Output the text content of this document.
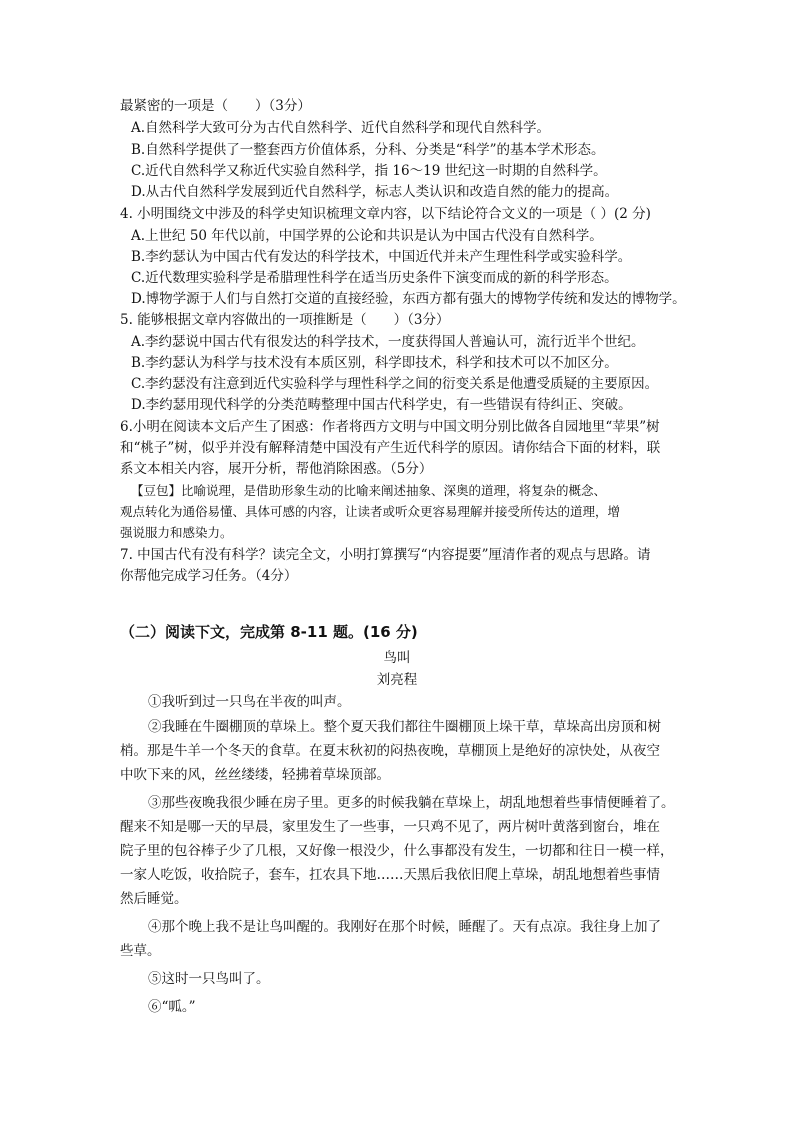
最紧密的一项是（　　）（3分）
A.自然科学大致可分为古代自然科学、近代自然科学和现代自然科学。
B.自然科学提供了一整套西方价值体系，分科、分类是“科学”的基本学术形态。
C.近代自然科学又称近代实验自然科学，指 16～19 世纪这一时期的自然科学。
D.从古代自然科学发展到近代自然科学，标志人类认识和改造自然的能力的提高。
4. 小明围绕文中涉及的科学史知识梳理文章内容，以下结论符合文义的一项是（ ）(2 分)
A.上世纪 50 年代以前，中国学界的公论和共识是认为中国古代没有自然科学。
B.李约瑟认为中国古代有发达的科学技术，中国近代并未产生理性科学或实验科学。
C.近代数理实验科学是希腊理性科学在适当历史条件下演变而成的新的科学形态。
D.博物学源于人们与自然打交道的直接经验，东西方都有强大的博物学传统和发达的博物学。
5. 能够根据文章内容做出的一项推断是（　　）（3分）
A.李约瑟说中国古代有很发达的科学技术，一度获得国人普遍认可，流行近半个世纪。
B.李约瑟认为科学与技术没有本质区别，科学即技术，科学和技术可以不加区分。
C.李约瑟没有注意到近代实验科学与理性科学之间的衍变关系是他遭受质疑的主要原因。
D.李约瑟用现代科学的分类范畴整理中国古代科学史，有一些错误有待纠正、突破。
6.小明在阅读本文后产生了困惑：作者将西方文明与中国文明分别比做各自园地里“苹果”树
和“桃子”树，似乎并没有解释清楚中国没有产生近代科学的原因。请你结合下面的材料，联
系文本相关内容，展开分析，帮他消除困惑。（5分）
【豆包】比喻说理，是借助形象生动的比喻来阐述抽象、深奥的道理，将复杂的概念、
观点转化为通俗易懂、具体可感的内容，让读者或听众更容易理解并接受所传达的道理，增
强说服力和感染力。
7. 中国古代有没有科学？读完全文，小明打算撰写“内容提要”厘清作者的观点与思路。请
你帮他完成学习任务。（4分）
（二）阅读下文，完成第 8-11 题。(16 分)
鸟叫
刘亮程
①我听到过一只鸟在半夜的叫声。
②我睡在牛圈棚顶的草垛上。整个夏天我们都往牛圈棚顶上垛干草，草垛高出房顶和树
梢。那是牛羊一个冬天的食草。在夏末秋初的闷热夜晚，草棚顶上是绝好的凉快处，从夜空
中吹下来的风，丝丝缕缕，轻拂着草垛顶部。
③那些夜晚我很少睡在房子里。更多的时候我躺在草垛上，胡乱地想着些事情便睡着了。
醒来不知是哪一天的早晨，家里发生了一些事，一只鸡不见了，两片树叶黄落到窗台，堆在
院子里的包谷棒子少了几根，又好像一根没少，什么事都没有发生，一切都和往日一模一样，
一家人吃饭，收拾院子，套车，扛农具下地……天黑后我依旧爬上草垛，胡乱地想着些事情
然后睡觉。
④那个晚上我不是让鸟叫醒的。我刚好在那个时候，睡醒了。天有点凉。我往身上加了
些草。
⑤这时一只鸟叫了。
⑥“呱。”
